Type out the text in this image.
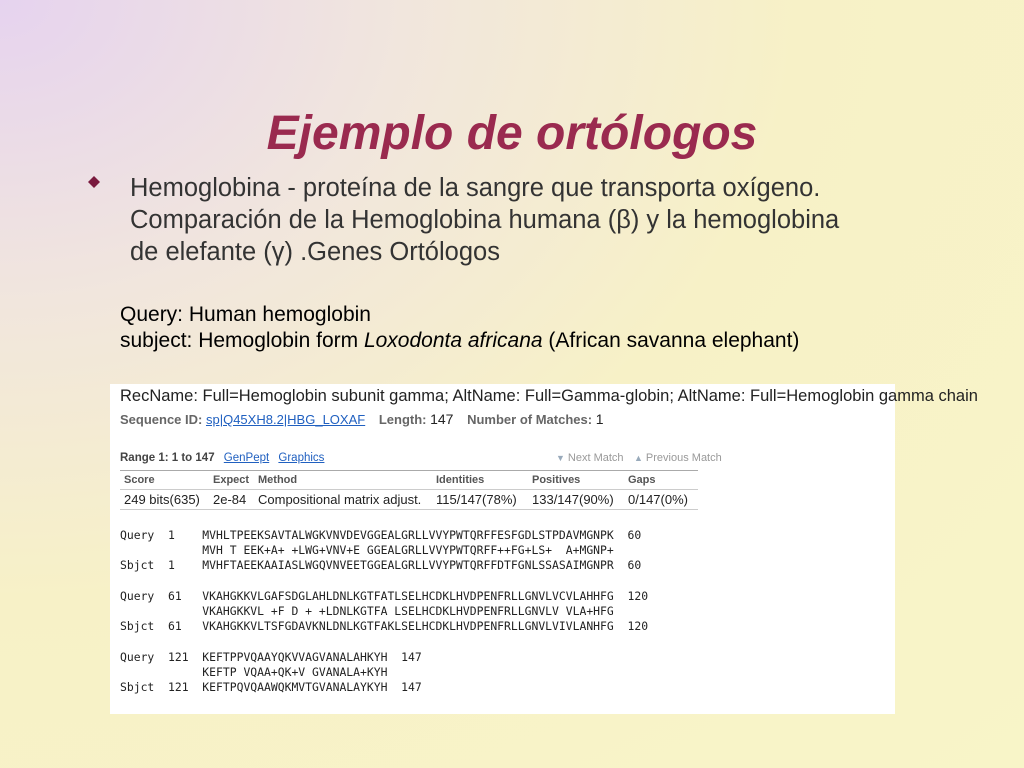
Ejemplo de ortólogos
Hemoglobina - proteína de la sangre que transporta oxígeno.
Comparación de la Hemoglobina humana (β) y la hemoglobina
de elefante (γ) .Genes Ortólogos
Query: Human hemoglobin
subject: Hemoglobin form Loxodonta africana (African savanna elephant)
RecName: Full=Hemoglobin subunit gamma; AltName: Full=Gamma-globin; AltName: Full=Hemoglobin gamma chain
Sequence ID: sp|Q45XH8.2|HBG_LOXAF Length: 147 Number of Matches: 1
Range 1: 1 to 147 GenPept Graphics	▼ Next Match ▲ Previous Match
Score	Expect Method	Identities	Positives	Gaps
249 bits(635) 2e-84 Compositional matrix adjust. 115/147(78%) 133/147(90%) 0/147(0%)
Query  1    MVHLTPEEKSAVTALWGKVNVDEVGGEALGRLLVVYPWTQRFFESFGDLSTPDAVMGNPK  60
MVH T EEK+A+ +LWG+VNV+E GGEALGRLLVVYPWTQRFF++FG+LS+  A+MGNP+
Sbjct  1    MVHFTAEEKAAIASLWGQVNVEETGGEALGRLLVVYPWTQRFFDTFGNLSSASAIMGNPR  60

Query  61   VKAHGKKVLGAFSDGLAHLDNLKGTFATLSELHCDKLHVDPENFRLLGNVLVCVLAHHFG  120
VKAHGKKVL +F D + +LDNLKGTFA LSELHCDKLHVDPENFRLLGNVLV VLA+HFG
Sbjct  61   VKAHGKKVLTSFGDAVKNLDNLKGTFAKLSELHCDKLHVDPENFRLLGNVLVIVLANHFG  120

Query  121  KEFTPPVQAAYQKVVAGVANALAHKYH  147
KEFTP VQAA+QK+V GVANALA+KYH
Sbjct  121  KEFTPQVQAAWQKMVTGVANALAYKYH  147
